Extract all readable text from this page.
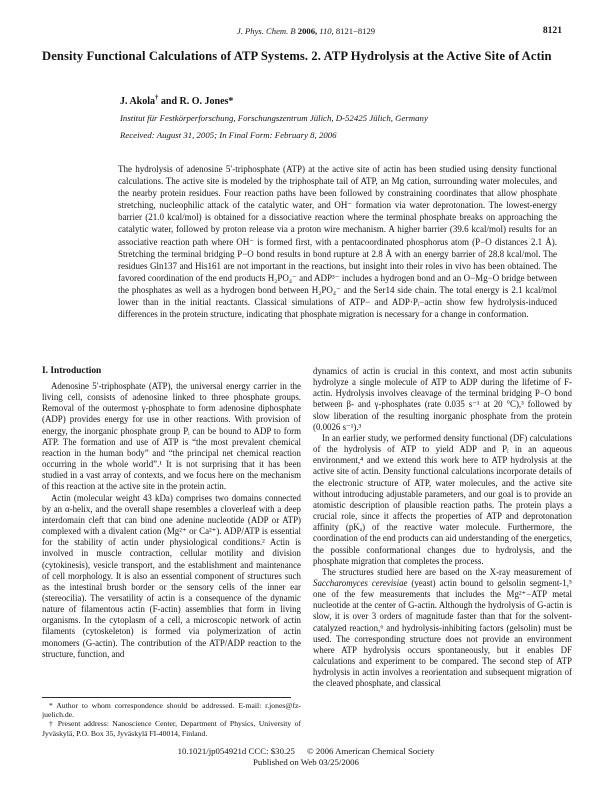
J. Phys. Chem. B 2006, 110, 8121−8129	8121
Density Functional Calculations of ATP Systems. 2. ATP Hydrolysis at the Active Site of Actin

J. Akola† and R. O. Jones*

Institut für Festkörperforschung, Forschungszentrum Jülich, D-52425 Jülich, Germany

Received: August 31, 2005; In Final Form: February 8, 2006

The hydrolysis of adenosine 5′-triphosphate (ATP) at the active site of actin has been studied using density functional calculations. The active site is modeled by the triphosphate tail of ATP, an Mg cation, surrounding water molecules, and the nearby protein residues. Four reaction paths have been followed by constraining coordinates that allow phosphate stretching, nucleophilic attack of the catalytic water, and OH⁻ formation via water deprotonation. The lowest-energy barrier (21.0 kcal/mol) is obtained for a dissociative reaction where the terminal phosphate breaks on approaching the catalytic water, followed by proton release via a proton wire mechanism. A higher barrier (39.6 kcal/mol) results for an associative reaction path where OH⁻ is formed first, with a pentacoordinated phosphorus atom (P−O distances 2.1 Å). Stretching the terminal bridging P−O bond results in bond rupture at 2.8 Å with an energy barrier of 28.8 kcal/mol. The residues Gln137 and His161 are not important in the reactions, but insight into their roles in vivo has been obtained. The favored coordination of the end products H₂PO₄⁻ and ADP³⁻ includes a hydrogen bond and an O−Mg−O bridge between the phosphates as well as a hydrogen bond between H₂PO₄⁻ and the Ser14 side chain. The total energy is 2.1 kcal/mol lower than in the initial reactants. Classical simulations of ATP− and ADP·Pᵢ−actin show few hydrolysis-induced differences in the protein structure, indicating that phosphate migration is necessary for a change in conformation.

I. Introduction

Adenosine 5′-triphosphate (ATP), the universal energy carrier in the living cell, consists of adenosine linked to three phosphate groups. Removal of the outermost γ-phosphate to form adenosine diphosphate (ADP) provides energy for use in other reactions. With provision of energy, the inorganic phosphate group Pᵢ can be bound to ADP to form ATP. The formation and use of ATP is “the most prevalent chemical reaction in the human body” and “the principal net chemical reaction occurring in the whole world”.¹ It is not surprising that it has been studied in a vast array of contexts, and we focus here on the mechanism of this reaction at the active site in the protein actin.

Actin (molecular weight 43 kDa) comprises two domains connected by an α-helix, and the overall shape resembles a cloverleaf with a deep interdomain cleft that can bind one adenine nucleotide (ADP or ATP) complexed with a divalent cation (Mg²⁺ or Ca²⁺). ADP/ATP is essential for the stability of actin under physiological conditions.² Actin is involved in muscle contraction, cellular motility and division (cytokinesis), vesicle transport, and the establishment and maintenance of cell morphology. It is also an essential component of structures such as the intestinal brush border or the sensory cells of the inner ear (stereocilia). The versatility of actin is a consequence of the dynamic nature of filamentous actin (F-actin) assemblies that form in living organisms. In the cytoplasm of a cell, a microscopic network of actin filaments (cytoskeleton) is formed via polymerization of actin monomers (G-actin). The contribution of the ATP/ADP reaction to the structure, function, and

* Author to whom correspondence should be addressed. E-mail: r.jones@fz-juelich.de.

† Present address: Nanoscience Center, Department of Physics, University of Jyväskylä, P.O. Box 35, Jyväskylä FI-40014, Finland.

dynamics of actin is crucial in this context, and most actin subunits hydrolyze a single molecule of ATP to ADP during the lifetime of F-actin. Hydrolysis involves cleavage of the terminal bridging P−O bond between β- and γ-phosphates (rate 0.035 s⁻¹ at 20 °C),³ followed by slow liberation of the resulting inorganic phosphate from the protein (0.0026 s⁻¹).³

In an earlier study, we performed density functional (DF) calculations of the hydrolysis of ATP to yield ADP and Pᵢ in an aqueous environment,⁴ and we extend this work here to ATP hydrolysis at the active site of actin. Density functional calculations incorporate details of the electronic structure of ATP, water molecules, and the active site without introducing adjustable parameters, and our goal is to provide an atomistic description of plausible reaction paths. The protein plays a crucial role, since it affects the properties of ATP and deprotonation affinity (pKₐ) of the reactive water molecule. Furthermore, the coordination of the end products can aid understanding of the energetics, the possible conformational changes due to hydrolysis, and the phosphate migration that completes the process.

The structures studied here are based on the X-ray measurement of Saccharomyces cerevisiae (yeast) actin bound to gelsolin segment-1,⁵ one of the few measurements that includes the Mg²⁺−ATP metal nucleotide at the center of G-actin. Although the hydrolysis of G-actin is slow, it is over 3 orders of magnitude faster than that for the solvent-catalyzed reaction,⁶ and hydrolysis-inhibiting factors (gelsolin) must be used. The corresponding structure does not provide an environment where ATP hydrolysis occurs spontaneously, but it enables DF calculations and experiment to be compared. The second step of ATP hydrolysis in actin involves a reorientation and subsequent migration of the cleaved phosphate, and classical

10.1021/jp054921d CCC: $30.25 © 2006 American Chemical Society
Published on Web 03/25/2006
